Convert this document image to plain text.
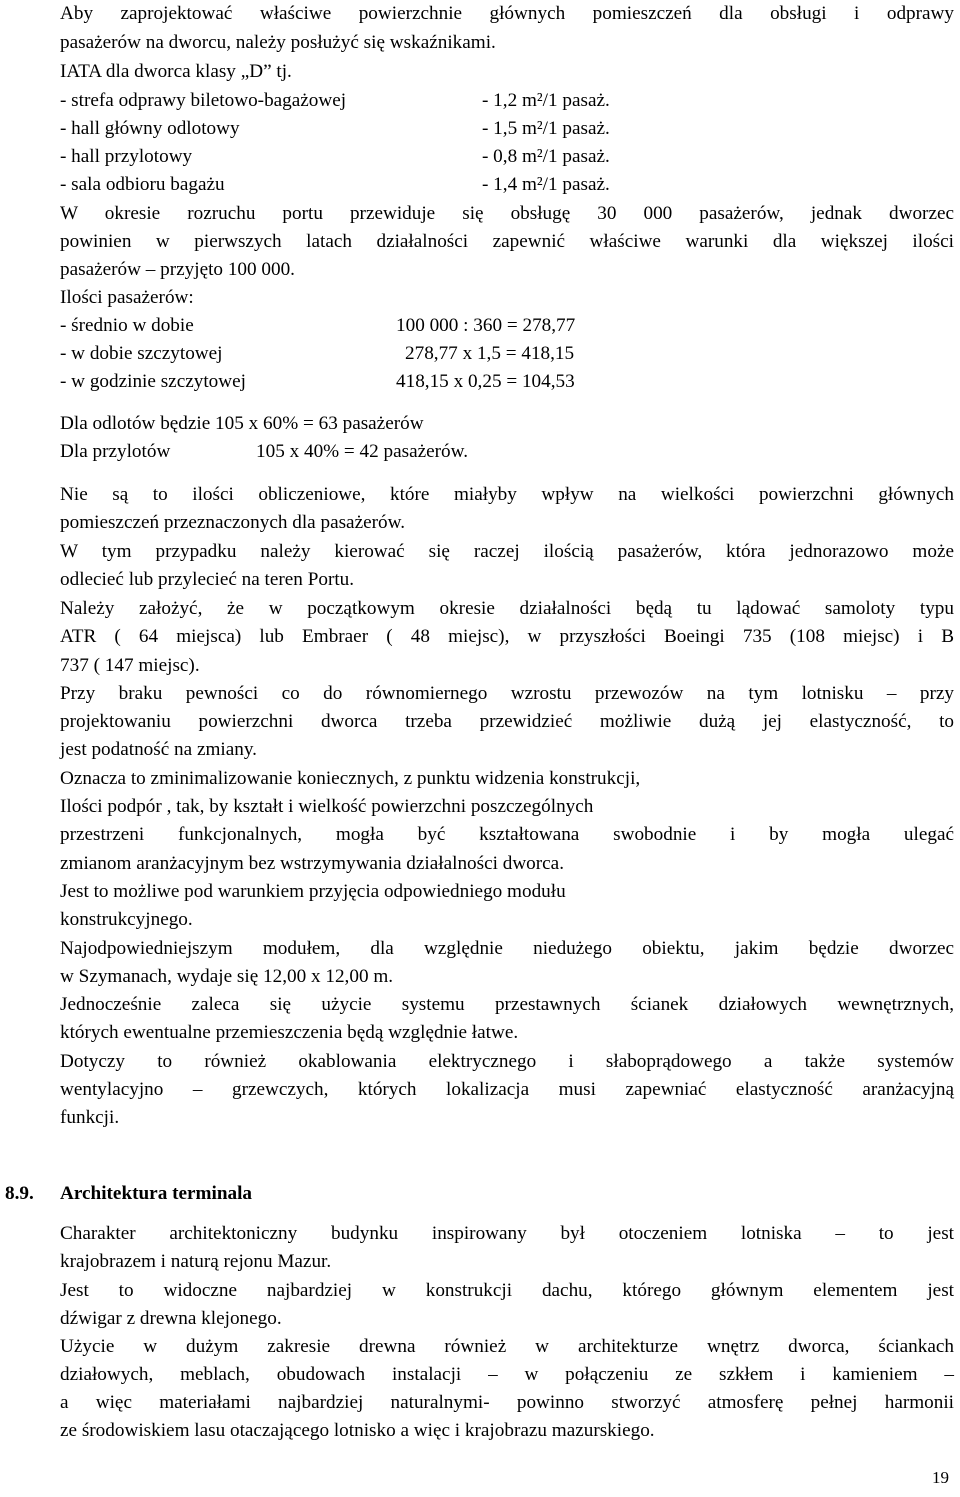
Aby zaprojektować właściwe powierzchnie głównych pomieszczeń dla obsługi i odprawy
pasażerów na dworcu, należy posłużyć się wskaźnikami.
IATA dla dworca klasy „D” tj.
- strefa odprawy biletowo-bagażowej	- 1,2 m²/1 pasaż.
- hall główny odlotowy	- 1,5 m²/1 pasaż.
- hall przylotowy	- 0,8 m²/1 pasaż.
- sala odbioru bagażu	- 1,4 m²/1 pasaż.
W okresie rozruchu portu przewiduje się obsługę 30 000 pasażerów, jednak dworzec
powinien w pierwszych latach działalności zapewnić właściwe warunki dla większej ilości
pasażerów – przyjęto 100 000.
Ilości pasażerów:
- średnio w dobie	100 000 : 360 = 278,77
- w dobie szczytowej	278,77 x 1,5 = 418,15
- w godzinie szczytowej	418,15 x 0,25 = 104,53
Dla odlotów będzie 105 x 60% = 63 pasażerów
Dla przylotów	105 x 40% = 42 pasażerów.
Nie są to ilości obliczeniowe, które miałyby wpływ na wielkości powierzchni głównych
pomieszczeń przeznaczonych dla pasażerów.
W tym przypadku należy kierować się raczej ilością pasażerów, która jednorazowo może
odlecieć lub przylecieć na teren Portu.
Należy założyć, że w początkowym okresie działalności będą tu lądować samoloty typu
ATR ( 64 miejsca) lub Embraer ( 48 miejsc), w przyszłości Boeingi 735 (108 miejsc) i B
737 ( 147 miejsc).
Przy braku pewności co do równomiernego wzrostu przewozów na tym lotnisku – przy
projektowaniu powierzchni dworca trzeba przewidzieć możliwie dużą jej elastyczność, to
jest podatność na zmiany.
Oznacza to zminimalizowanie koniecznych, z punktu widzenia konstrukcji,
Ilości podpór , tak, by kształt i wielkość powierzchni poszczególnych
przestrzeni funkcjonalnych, mogła być kształtowana swobodnie i by mogła ulegać
zmianom aranżacyjnym bez wstrzymywania działalności dworca.
Jest to możliwe pod warunkiem przyjęcia odpowiedniego modułu
konstrukcyjnego.
Najodpowiedniejszym modułem, dla względnie niedużego obiektu, jakim będzie dworzec
w Szymanach, wydaje się 12,00 x 12,00 m.
Jednocześnie zaleca się użycie systemu przestawnych ścianek działowych wewnętrznych,
których ewentualne przemieszczenia będą względnie łatwe.
Dotyczy to również okablowania elektrycznego i słaboprądowego a także systemów
wentylacyjno – grzewczych, których lokalizacja musi zapewniać elastyczność aranżacyjną
funkcji.
8.9. Architektura terminala
Charakter architektoniczny budynku inspirowany był otoczeniem lotniska – to jest
krajobrazem i naturą rejonu Mazur.
Jest to widoczne najbardziej w konstrukcji dachu, którego głównym elementem jest
dźwigar z drewna klejonego.
Użycie w dużym zakresie drewna również w architekturze wnętrz dworca, ściankach
działowych, meblach, obudowach instalacji – w połączeniu ze szkłem i kamieniem –
a więc materiałami najbardziej naturalnymi- powinno stworzyć atmosferę pełnej harmonii
ze środowiskiem lasu otaczającego lotnisko a więc i krajobrazu mazurskiego.
19
